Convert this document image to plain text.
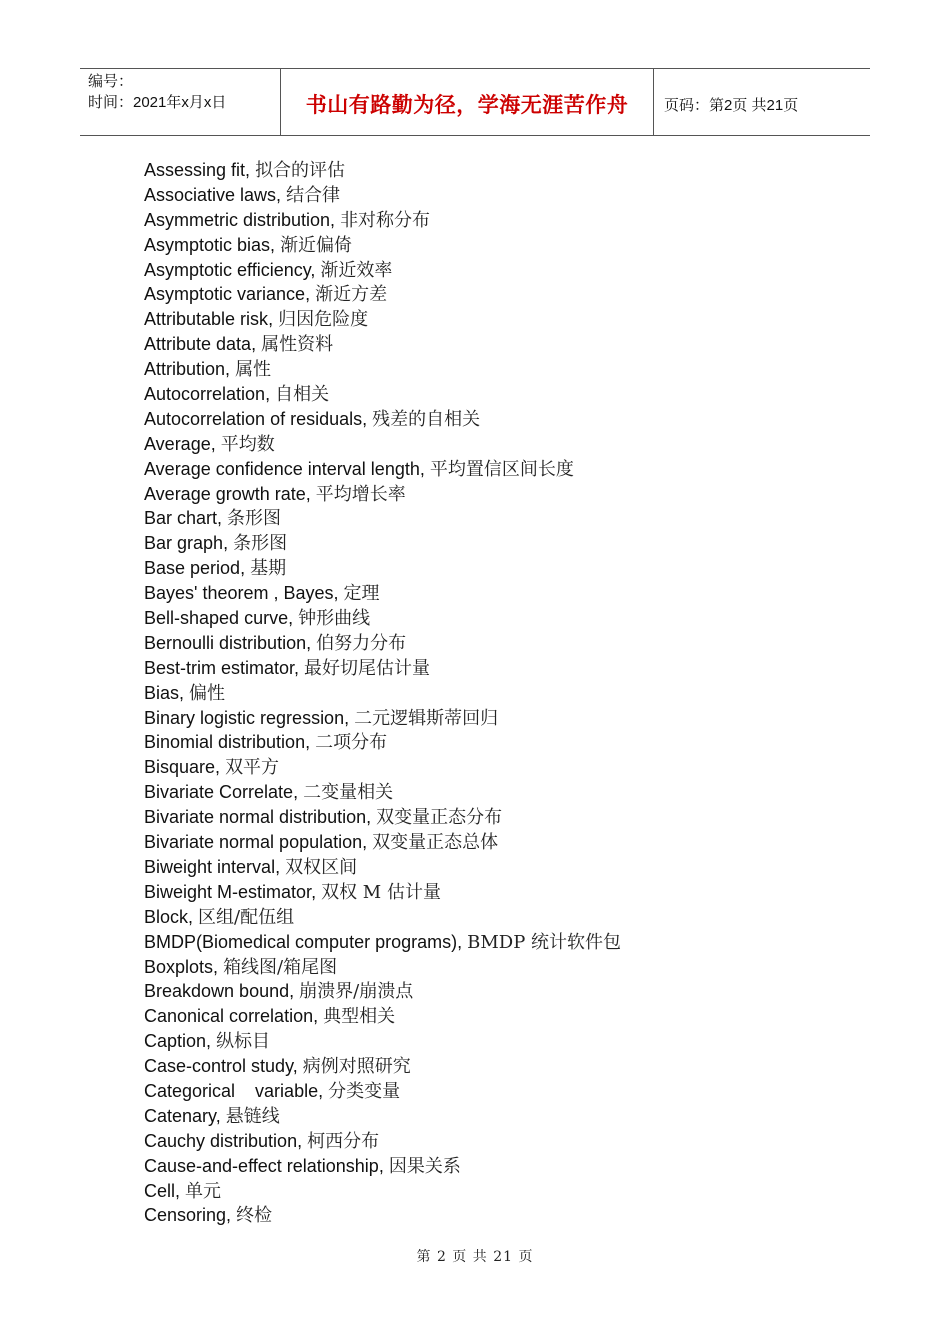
编号：
时间：2021年x月x日	书山有路勤为径，学海无涯苦作舟 页码：第2页 共21页
Assessing fit, 拟合的评估
Associative laws, 结合律
Asymmetric distribution, 非对称分布
Asymptotic bias, 渐近偏倚
Asymptotic efficiency, 渐近效率
Asymptotic variance, 渐近方差
Attributable risk, 归因危险度
Attribute data, 属性资料
Attribution, 属性
Autocorrelation, 自相关
Autocorrelation of residuals, 残差的自相关
Average, 平均数
Average confidence interval length, 平均置信区间长度
Average growth rate, 平均增长率
Bar chart, 条形图
Bar graph, 条形图
Base period, 基期
Bayes' theorem , Bayes, 定理
Bell-shaped curve, 钟形曲线
Bernoulli distribution, 伯努力分布
Best-trim estimator, 最好切尾估计量
Bias, 偏性
Binary logistic regression, 二元逻辑斯蒂回归
Binomial distribution, 二项分布
Bisquare, 双平方
Bivariate Correlate, 二变量相关
Bivariate normal distribution, 双变量正态分布
Bivariate normal population, 双变量正态总体
Biweight interval, 双权区间
Biweight M-estimator, 双权 M 估计量
Block, 区组/配伍组
BMDP(Biomedical computer programs), BMDP 统计软件包
Boxplots, 箱线图/箱尾图
Breakdown bound, 崩溃界/崩溃点
Canonical correlation, 典型相关
Caption, 纵标目
Case-control study, 病例对照研究
Categorical    variable, 分类变量
Catenary, 悬链线
Cauchy distribution, 柯西分布
Cause-and-effect relationship, 因果关系
Cell, 单元
Censoring, 终检
第 2 页 共 21 页
